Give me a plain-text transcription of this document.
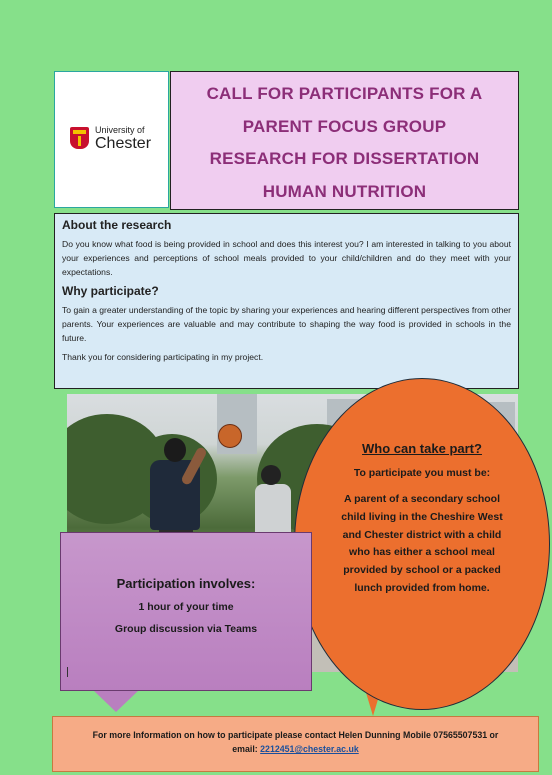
University of
Chester
CALL FOR PARTICIPANTS FOR A
PARENT FOCUS GROUP
RESEARCH FOR DISSERTATION
HUMAN NUTRITION
About the research
Do you know what food is being provided in school and does this interest you? I am interested in talking to you about your experiences and perceptions of school meals provided to your child/children and do they meet with your expectations.
Why participate?
To gain a greater understanding of the topic by sharing your experiences and hearing different perspectives from other parents. Your experiences are valuable and may contribute to shaping the way food is provided in schools in the future.
Thank you for considering participating in my project.
Who can take part?
To participate you must be:
A parent of a secondary school child living in the Cheshire West and Chester district with a child who has either a school meal provided by school or a packed lunch provided from home.
Participation involves:
1 hour of your time
Group discussion via Teams
For more Information on how to participate please contact Helen Dunning Mobile 07565507531 or
email: 2212451@chester.ac.uk
